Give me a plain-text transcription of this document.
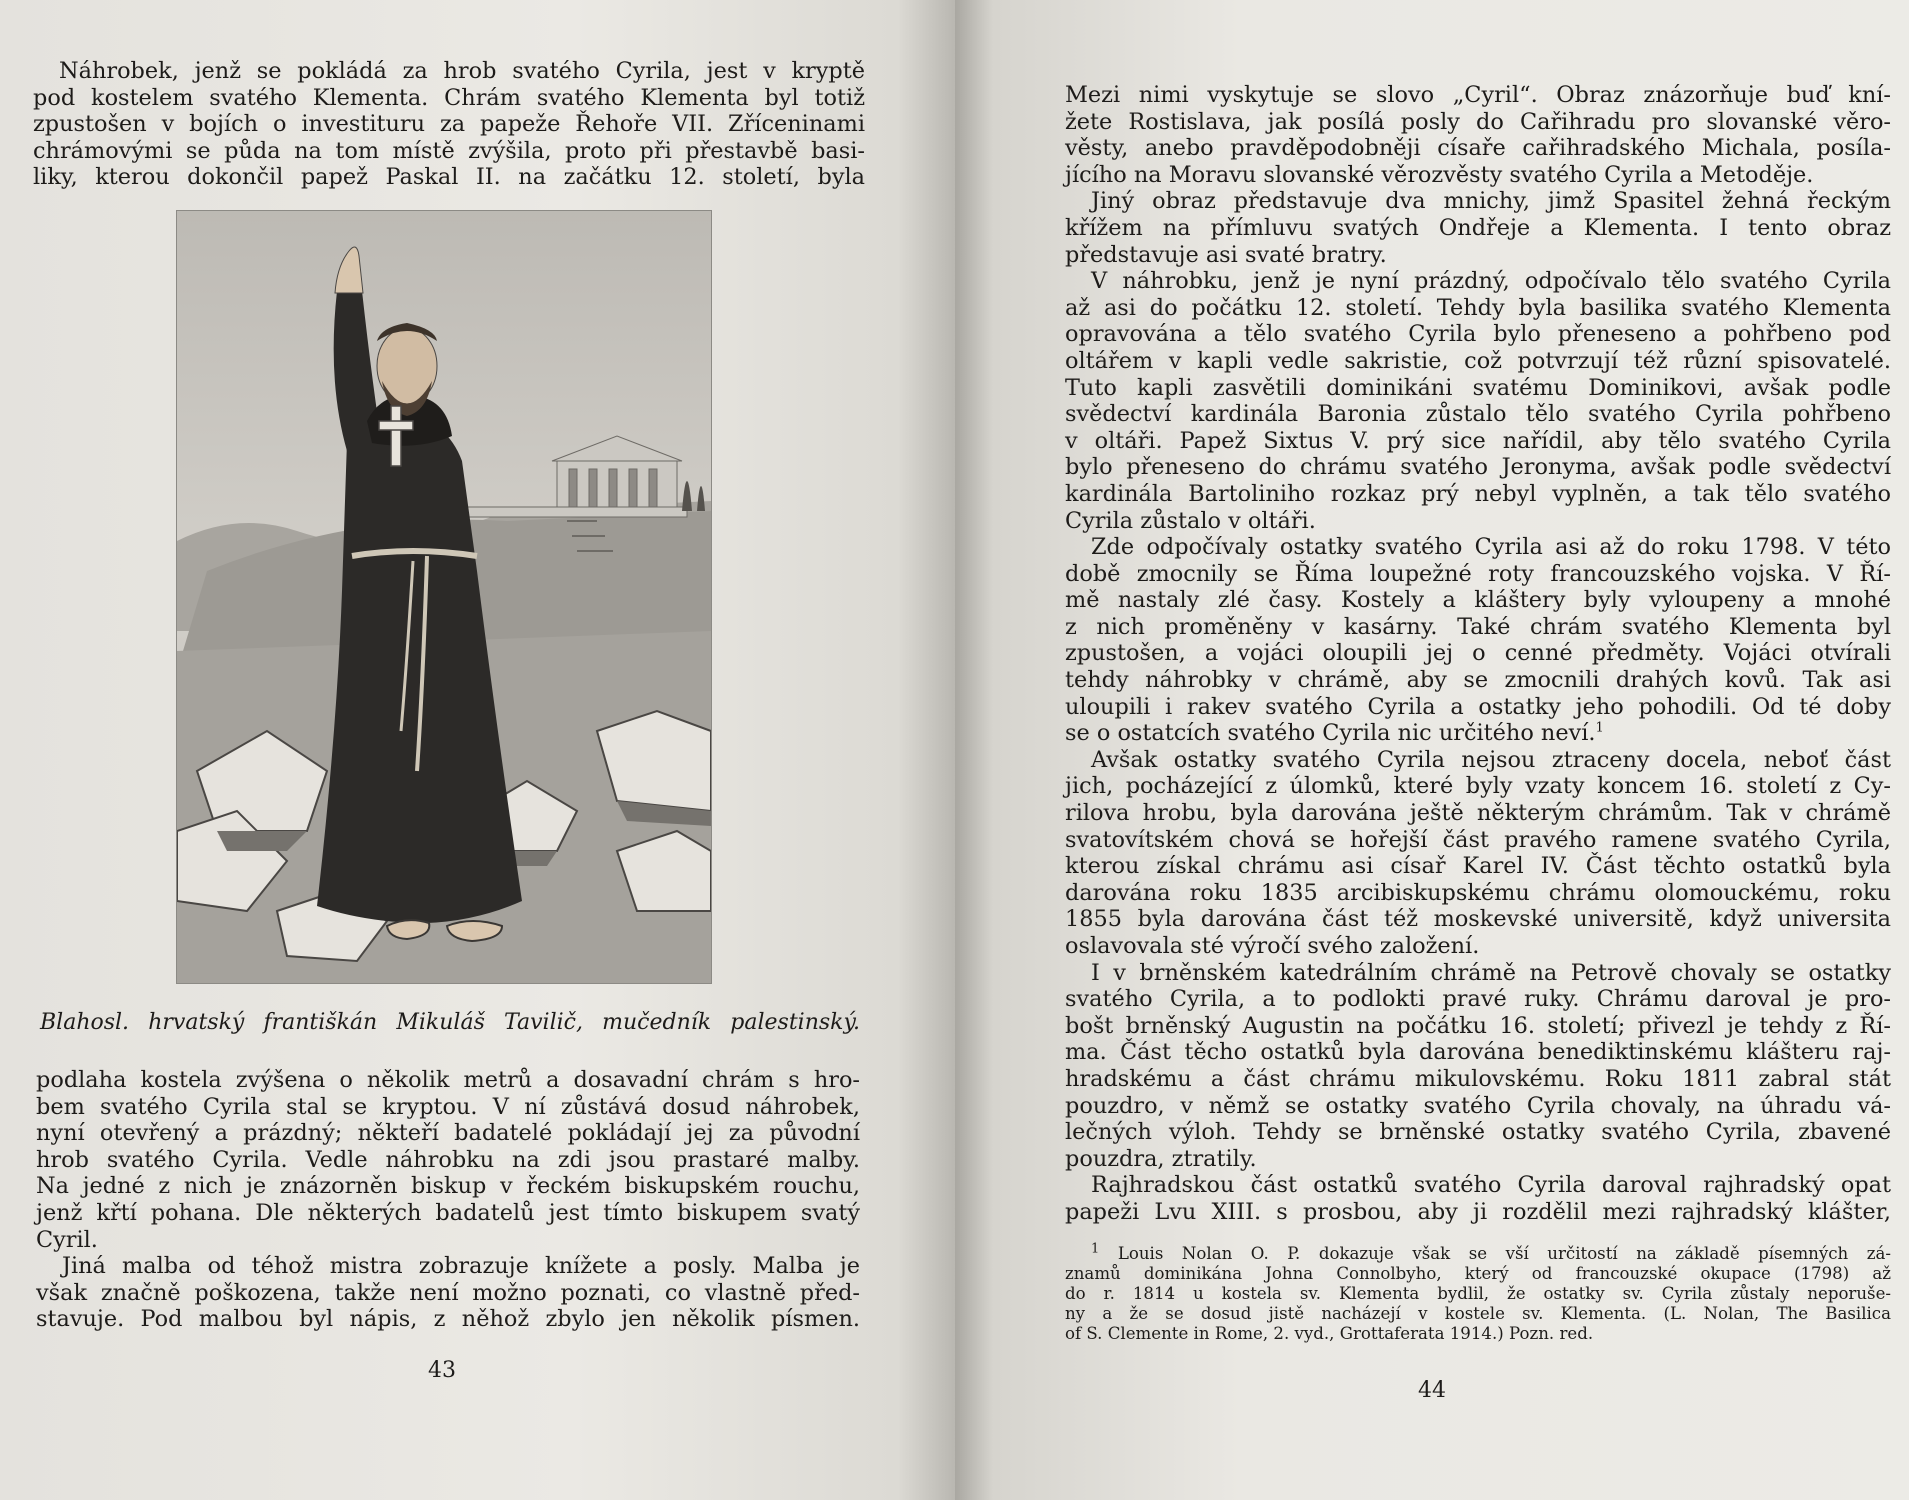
Náhrobek, jenž se pokládá za hrob svatého Cyrila, jest v kryptě

pod kostelem svatého Klementa. Chrám svatého Klementa byl totiž

zpustošen v bojích o investituru za papeže Řehoře VII. Zříceninami

chrámovými se půda na tom místě zvýšila, proto při přestavbě basi-

liky, kterou dokončil papež Paskal II. na začátku 12. století, byla

Blahosl. hrvatský františkán Mikuláš Tavilič, mučedník palestinský.

podlaha kostela zvýšena o několik metrů a dosavadní chrám s hro-

bem svatého Cyrila stal se kryptou. V ní zůstává dosud náhrobek,

nyní otevřený a prázdný; někteří badatelé pokládají jej za původní

hrob svatého Cyrila. Vedle náhrobku na zdi jsou prastaré malby.

Na jedné z nich je znázorněn biskup v řeckém biskupském rouchu,

jenž křtí pohana. Dle některých badatelů jest tímto biskupem svatý

Cyril.

Jiná malba od téhož mistra zobrazuje knížete a posly. Malba je

však značně poškozena, takže není možno poznati, co vlastně před-

stavuje. Pod malbou byl nápis, z něhož zbylo jen několik písmen.

43

Mezi nimi vyskytuje se slovo „Cyril“. Obraz znázorňuje buď kní-

žete Rostislava, jak posílá posly do Cařihradu pro slovanské věro-

věsty, anebo pravděpodobněji císaře cařihradského Michala, posíla-

jícího na Moravu slovanské věrozvěsty svatého Cyrila a Metoděje.

Jiný obraz představuje dva mnichy, jimž Spasitel žehná řeckým

křížem na přímluvu svatých Ondřeje a Klementa. I tento obraz

představuje asi svaté bratry.

V náhrobku, jenž je nyní prázdný, odpočívalo tělo svatého Cyrila

až asi do počátku 12. století. Tehdy byla basilika svatého Klementa

opravována a tělo svatého Cyrila bylo přeneseno a pohřbeno pod

oltářem v kapli vedle sakristie, což potvrzují též různí spisovatelé.

Tuto kapli zasvětili dominikáni svatému Dominikovi, avšak podle

svědectví kardinála Baronia zůstalo tělo svatého Cyrila pohřbeno

v oltáři. Papež Sixtus V. prý sice nařídil, aby tělo svatého Cyrila

bylo přeneseno do chrámu svatého Jeronyma, avšak podle svědectví

kardinála Bartoliniho rozkaz prý nebyl vyplněn, a tak tělo svatého

Cyrila zůstalo v oltáři.

Zde odpočívaly ostatky svatého Cyrila asi až do roku 1798. V této

době zmocnily se Říma loupežné roty francouzského vojska. V Ří-

mě nastaly zlé časy. Kostely a kláštery byly vyloupeny a mnohé

z nich proměněny v kasárny. Také chrám svatého Klementa byl

zpustošen, a vojáci oloupili jej o cenné předměty. Vojáci otvírali

tehdy náhrobky v chrámě, aby se zmocnili drahých kovů. Tak asi

uloupili i rakev svatého Cyrila a ostatky jeho pohodili. Od té doby

se o ostatcích svatého Cyrila nic určitého neví.$^1$

Avšak ostatky svatého Cyrila nejsou ztraceny docela, neboť část

jich, pocházející z úlomků, které byly vzaty koncem 16. století z Cy-

rilova hrobu, byla darována ještě některým chrámům. Tak v chrámě

svatovítském chová se hořejší část pravého ramene svatého Cyrila,

kterou získal chrámu asi císař Karel IV. Část těchto ostatků byla

darována roku 1835 arcibiskupskému chrámu olomouckému, roku

1855 byla darována část též moskevské universitě, když universita

oslavovala sté výročí svého založení.

I v brněnském katedrálním chrámě na Petrově chovaly se ostatky

svatého Cyrila, a to podlokti pravé ruky. Chrámu daroval je pro-

bošt brněnský Augustin na počátku 16. století; přivezl je tehdy z Ří-

ma. Část těcho ostatků byla darována benediktinskému klášteru raj-

hradskému a část chrámu mikulovskému. Roku 1811 zabral stát

pouzdro, v němž se ostatky svatého Cyrila chovaly, na úhradu vá-

lečných výloh. Tehdy se brněnské ostatky svatého Cyrila, zbavené

pouzdra, ztratily.

Rajhradskou část ostatků svatého Cyrila daroval rajhradský opat

papeži Lvu XIII. s prosbou, aby ji rozdělil mezi rajhradský klášter,

$^1$ Louis Nolan O. P. dokazuje však se vší určitostí na základě písemných zá-

znamů dominikána Johna Connolbyho, který od francouzské okupace (1798) až

do r. 1814 u kostela sv. Klementa bydlil, že ostatky sv. Cyrila zůstaly neporuše-

ny a že se dosud jistě nacházejí v kostele sv. Klementa. (L. Nolan, The Basilica

of S. Clemente in Rome, 2. vyd., Grottaferata 1914.) Pozn. red.

44
